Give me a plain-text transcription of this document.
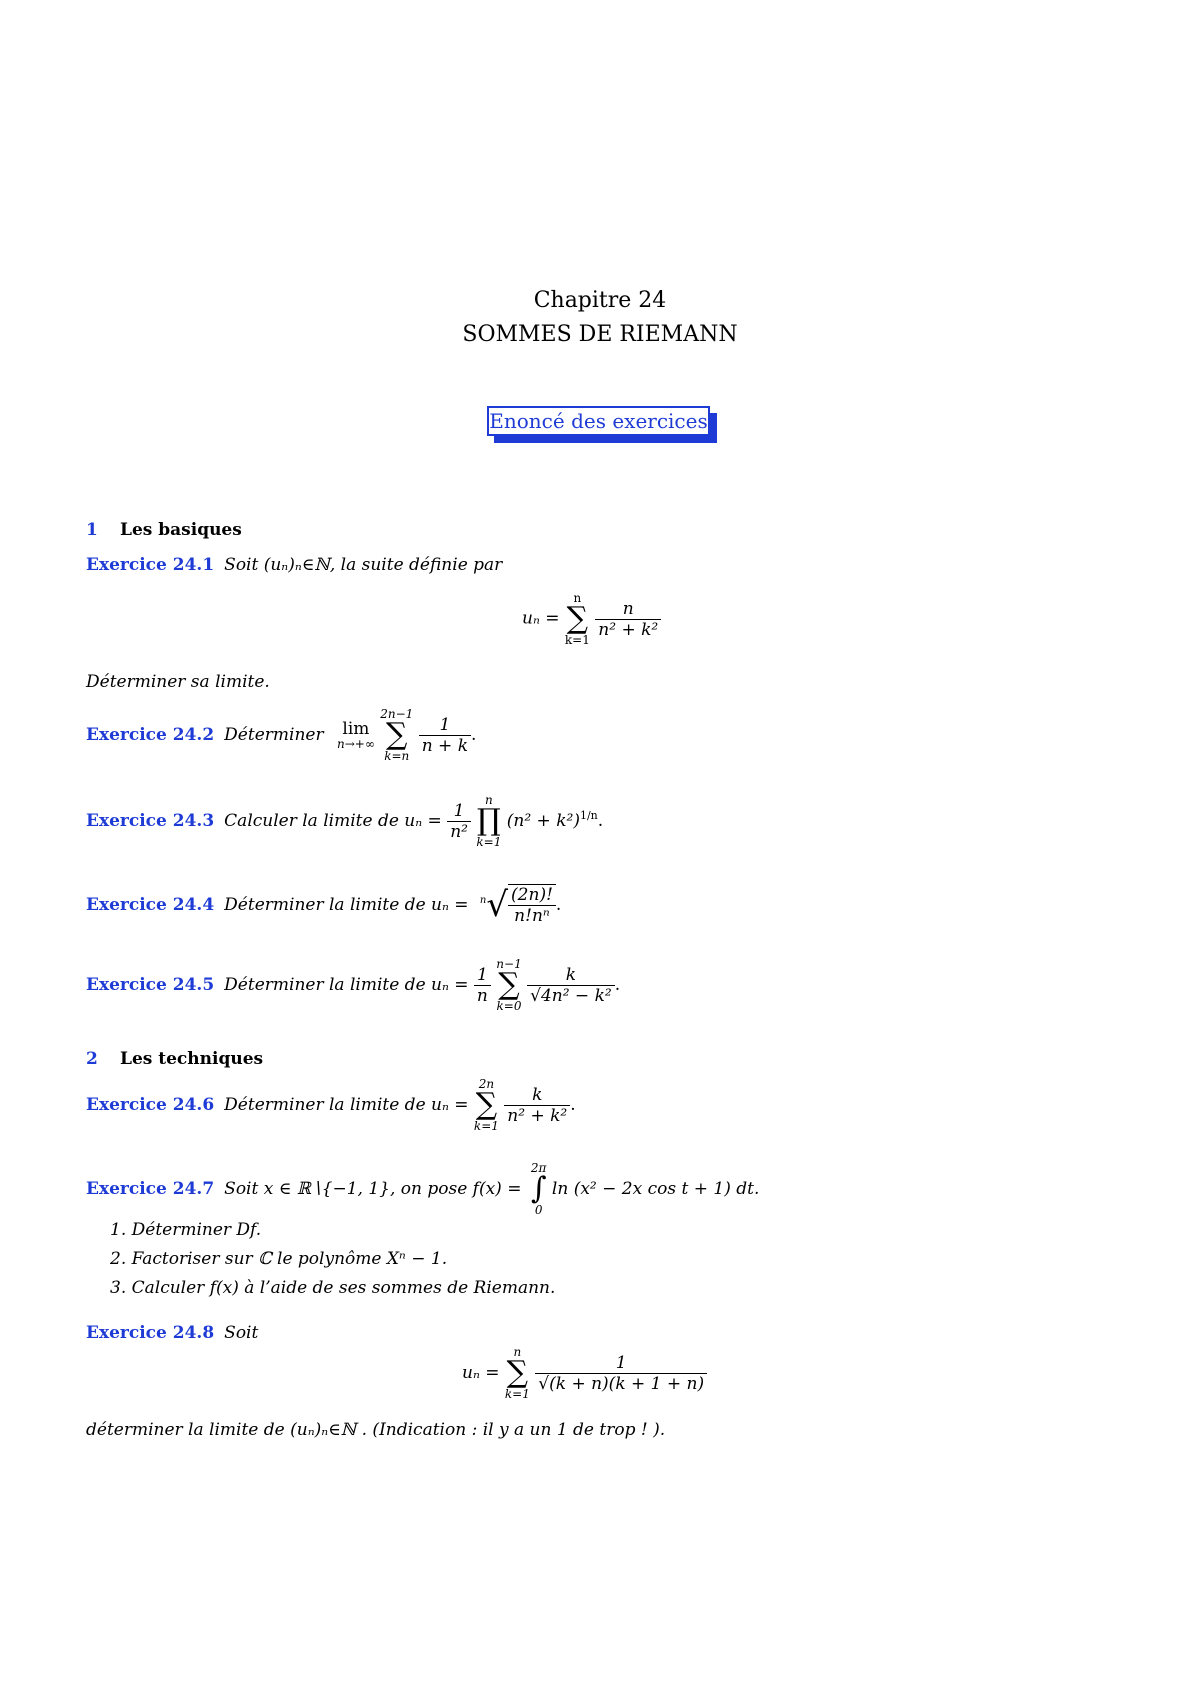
Chapitre 24
SOMMES DE RIEMANN
Enoncé des exercices
1 Les basiques
Exercice 24.1 Soit (uₙ)ₙ∈ℕ, la suite définie par
uₙ =
n
∑
k=1

$\frac{n}{\text{n² + k²}}$
Déterminer sa limite.
Exercice 24.2 Déterminer	lim
n→+∞

2n−1
∑
k=n

$\frac{1}{n + k}$ .
Exercice 24.3 Calculer la limite de $u_n = \frac{1}{\text{n²}}$

n
∏
k=1
$(n^2 + k^2)^{1/n}$.
Exercice 24.4 Déterminer la limite de $u_n = ^n√ \frac{(2n)!}{\text{n!nⁿ}}$ .
Exercice 24.5 Déterminer la limite de $u_n = \frac{1}{n}$

n−1
∑
k=0

$\frac{k}{\text{√4n² − k²}}$ .
2 Les techniques
Exercice 24.6 Déterminer la limite de uₙ =
2n
∑
k=1

$\frac{k}{\text{n² + k²}}$ .
Exercice 24.7 Soit x ∈ ℝ∖{−1, 1}, on pose f(x) =
2π
∫
0
ln (x² − 2x cos t + 1) dt.
1. Déterminer Df.
2. Factoriser sur ℂ le polynôme Xⁿ − 1.
3. Calculer f(x) à l’aide de ses sommes de Riemann.
Exercice 24.8 Soit
uₙ =
n
∑
k=1

$\frac{1}{√(k + n)(k + 1 + n)}$
déterminer la limite de (uₙ)ₙ∈ℕ . (Indication : il y a un 1 de trop ! ).
